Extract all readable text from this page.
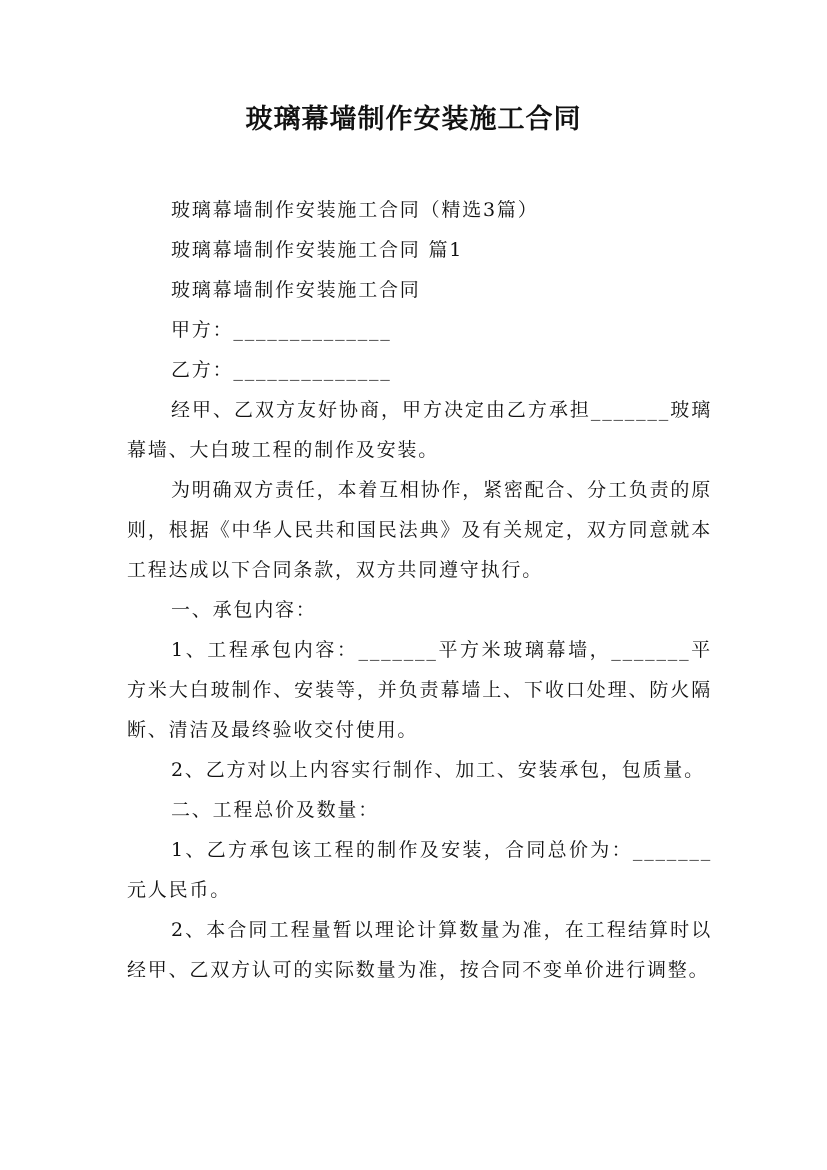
玻璃幕墙制作安装施工合同

玻璃幕墙制作安装施工合同（精选3篇）

玻璃幕墙制作安装施工合同 篇1

玻璃幕墙制作安装施工合同

甲方：______________

乙方：______________

经甲、乙双方友好协商，甲方决定由乙方承担_______玻璃幕墙、大白玻工程的制作及安装。

为明确双方责任，本着互相协作，紧密配合、分工负责的原则，根据《中华人民共和国民法典》及有关规定，双方同意就本工程达成以下合同条款，双方共同遵守执行。

一、承包内容：

1、工程承包内容：_______平方米玻璃幕墙，_______平方米大白玻制作、安装等，并负责幕墙上、下收口处理、防火隔断、清洁及最终验收交付使用。

2、乙方对以上内容实行制作、加工、安装承包，包质量。

二、工程总价及数量：

1、乙方承包该工程的制作及安装，合同总价为：_______元人民币。

2、本合同工程量暂以理论计算数量为准，在工程结算时以经甲、乙双方认可的实际数量为准，按合同不变单价进行调整。
